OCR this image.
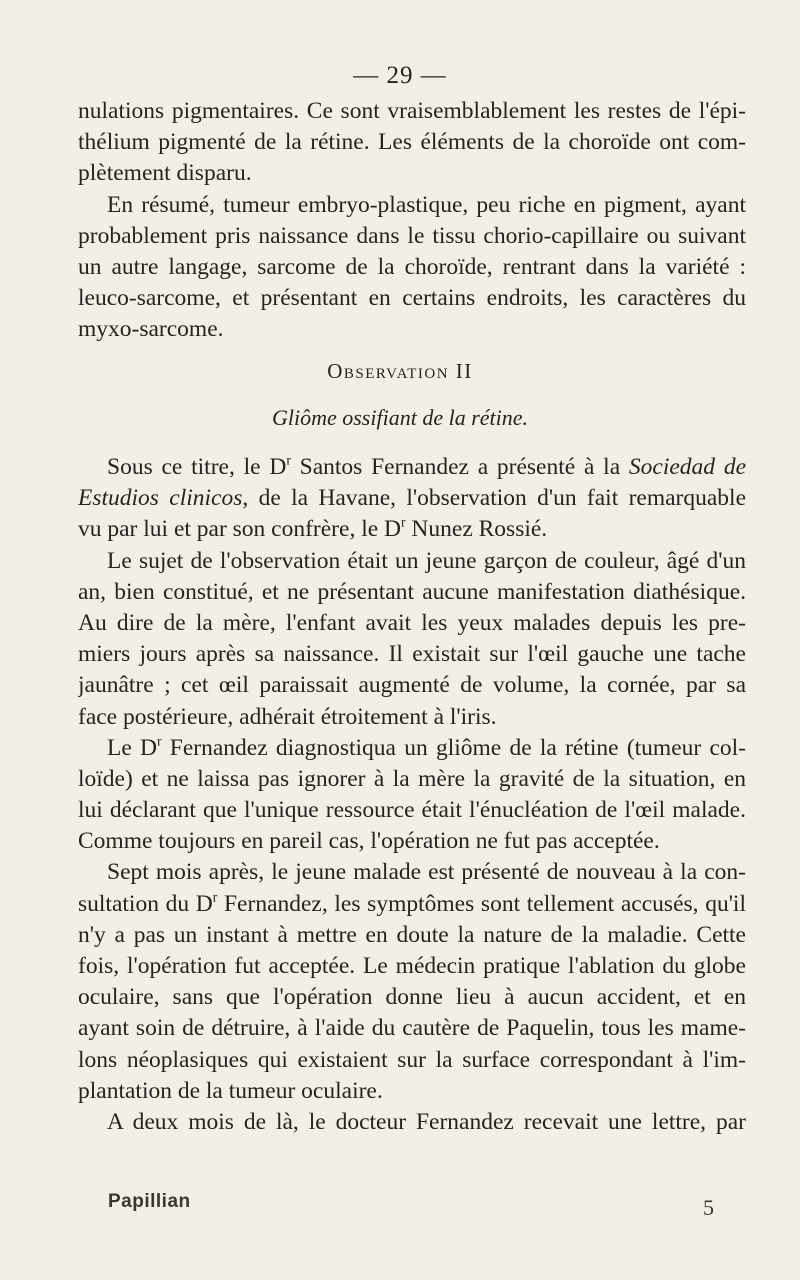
— 29 —

nulations pigmentaires. Ce sont vraisemblablement les restes de l'épi-
thélium pigmenté de la rétine. Les éléments de la choroïde ont com-
plètement disparu.

En résumé, tumeur embryo-plastique, peu riche en pigment, ayant
probablement pris naissance dans le tissu chorio-capillaire ou suivant
un autre langage, sarcome de la choroïde, rentrant dans la variété :
leuco-sarcome, et présentant en certains endroits, les caractères du
myxo-sarcome.

Observation II
Gliôme ossifiant de la rétine.

Sous ce titre, le $D^r$ Santos Fernandez a présenté à la Sociedad de
Estudios clinicos, de la Havane, l'observation d'un fait remarquable
vu par lui et par son confrère, le $D^r$ Nunez Rossié.

Le sujet de l'observation était un jeune garçon de couleur, âgé d'un
an, bien constitué, et ne présentant aucune manifestation diathésique.
Au dire de la mère, l'enfant avait les yeux malades depuis les pre-
miers jours après sa naissance. Il existait sur l'œil gauche une tache
jaunâtre ; cet œil paraissait augmenté de volume, la cornée, par sa
face postérieure, adhérait étroitement à l'iris.

Le $D^r$ Fernandez diagnostiqua un gliôme de la rétine (tumeur col-
loïde) et ne laissa pas ignorer à la mère la gravité de la situation, en
lui déclarant que l'unique ressource était l'énucléation de l'œil malade.
Comme toujours en pareil cas, l'opération ne fut pas acceptée.

Sept mois après, le jeune malade est présenté de nouveau à la con-
sultation du $D^r$ Fernandez, les symptômes sont tellement accusés, qu'il
n'y a pas un instant à mettre en doute la nature de la maladie. Cette
fois, l'opération fut acceptée. Le médecin pratique l'ablation du globe
oculaire, sans que l'opération donne lieu à aucun accident, et en
ayant soin de détruire, à l'aide du cautère de Paquelin, tous les mame-
lons néoplasiques qui existaient sur la surface correspondant à l'im-
plantation de la tumeur oculaire.

A deux mois de là, le docteur Fernandez recevait une lettre, par

Papillian	5
